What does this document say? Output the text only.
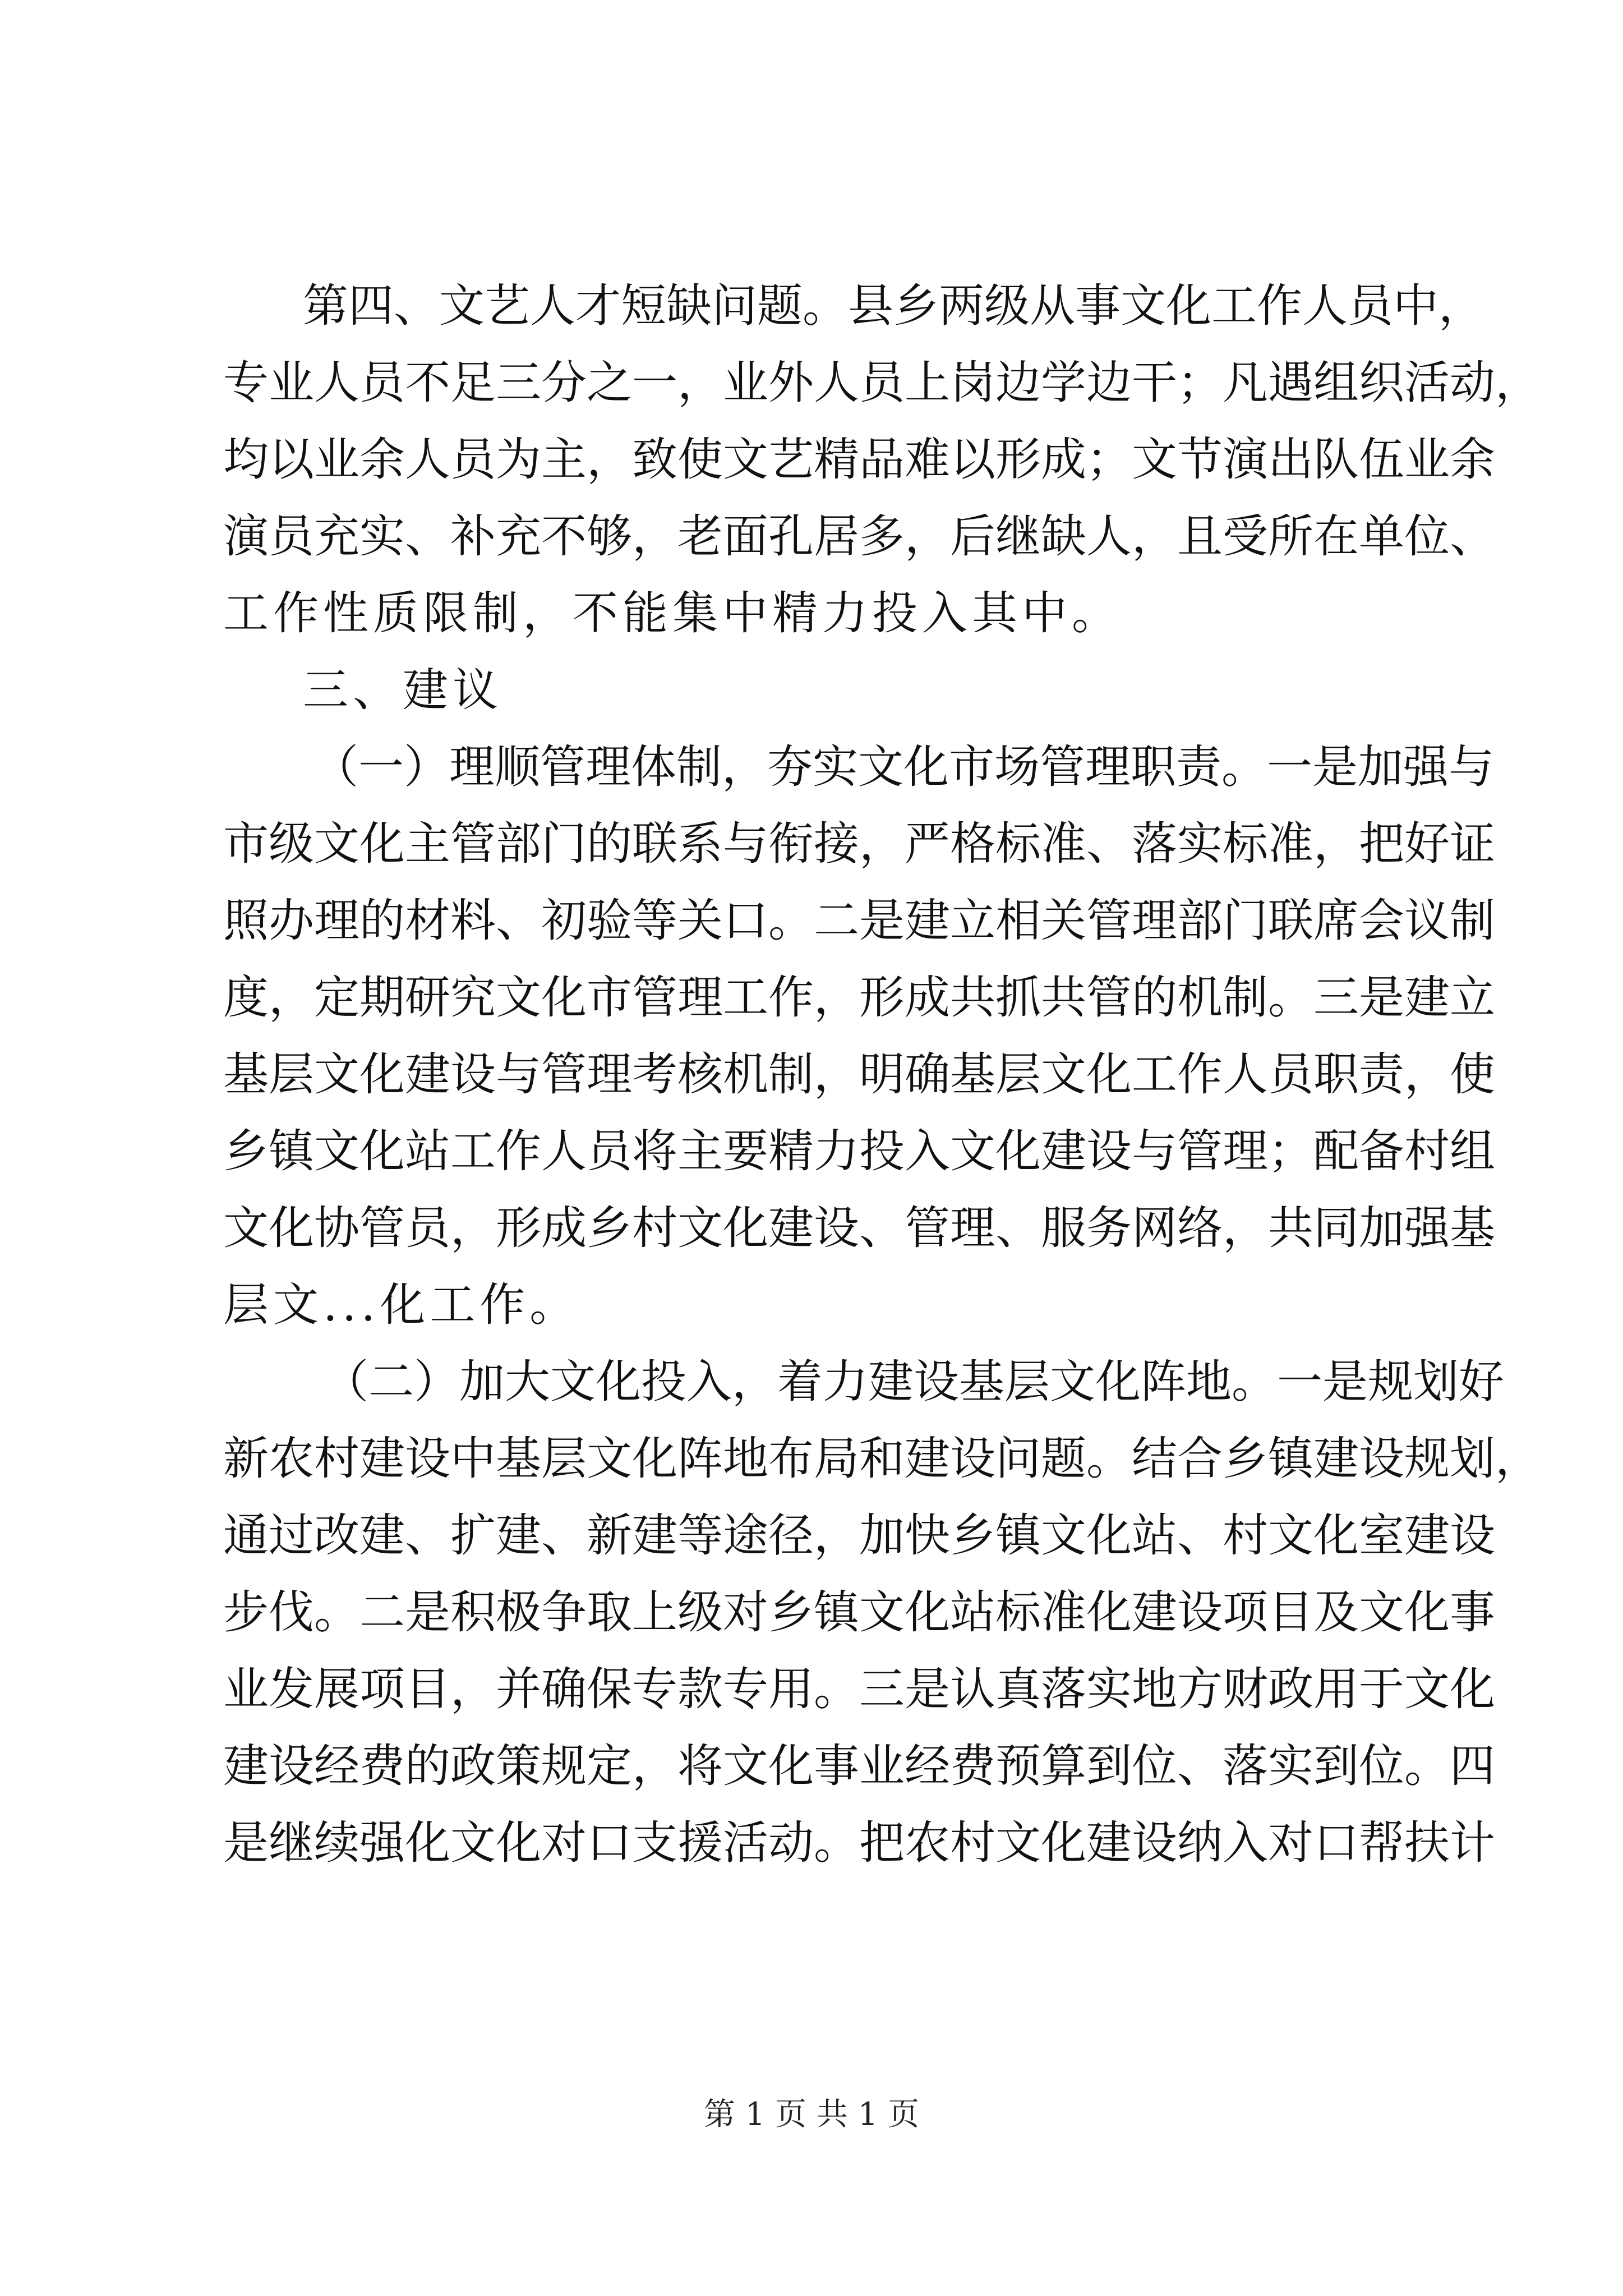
第四、文艺人才短缺问题。县乡两级从事文化工作人员中，
专业人员不足三分之一，业外人员上岗边学边干；凡遇组织活动，
均以业余人员为主，致使文艺精品难以形成；文节演出队伍业余
演员充实、补充不够，老面孔居多，后继缺人，且受所在单位、
工作性质限制，不能集中精力投入其中。
三、建议
（一）理顺管理体制，夯实文化市场管理职责。一是加强与
市级文化主管部门的联系与衔接，严格标准、落实标准，把好证
照办理的材料、初验等关口。二是建立相关管理部门联席会议制
度，定期研究文化市管理工作，形成共抓共管的机制。三是建立
基层文化建设与管理考核机制，明确基层文化工作人员职责，使
乡镇文化站工作人员将主要精力投入文化建设与管理；配备村组
文化协管员，形成乡村文化建设、管理、服务网络，共同加强基
层文...化工作。
（二）加大文化投入，着力建设基层文化阵地。一是规划好
新农村建设中基层文化阵地布局和建设问题。结合乡镇建设规划，
通过改建、扩建、新建等途径，加快乡镇文化站、村文化室建设
步伐。二是积极争取上级对乡镇文化站标准化建设项目及文化事
业发展项目，并确保专款专用。三是认真落实地方财政用于文化
建设经费的政策规定，将文化事业经费预算到位、落实到位。四
是继续强化文化对口支援活动。把农村文化建设纳入对口帮扶计
第 1 页 共 1 页
